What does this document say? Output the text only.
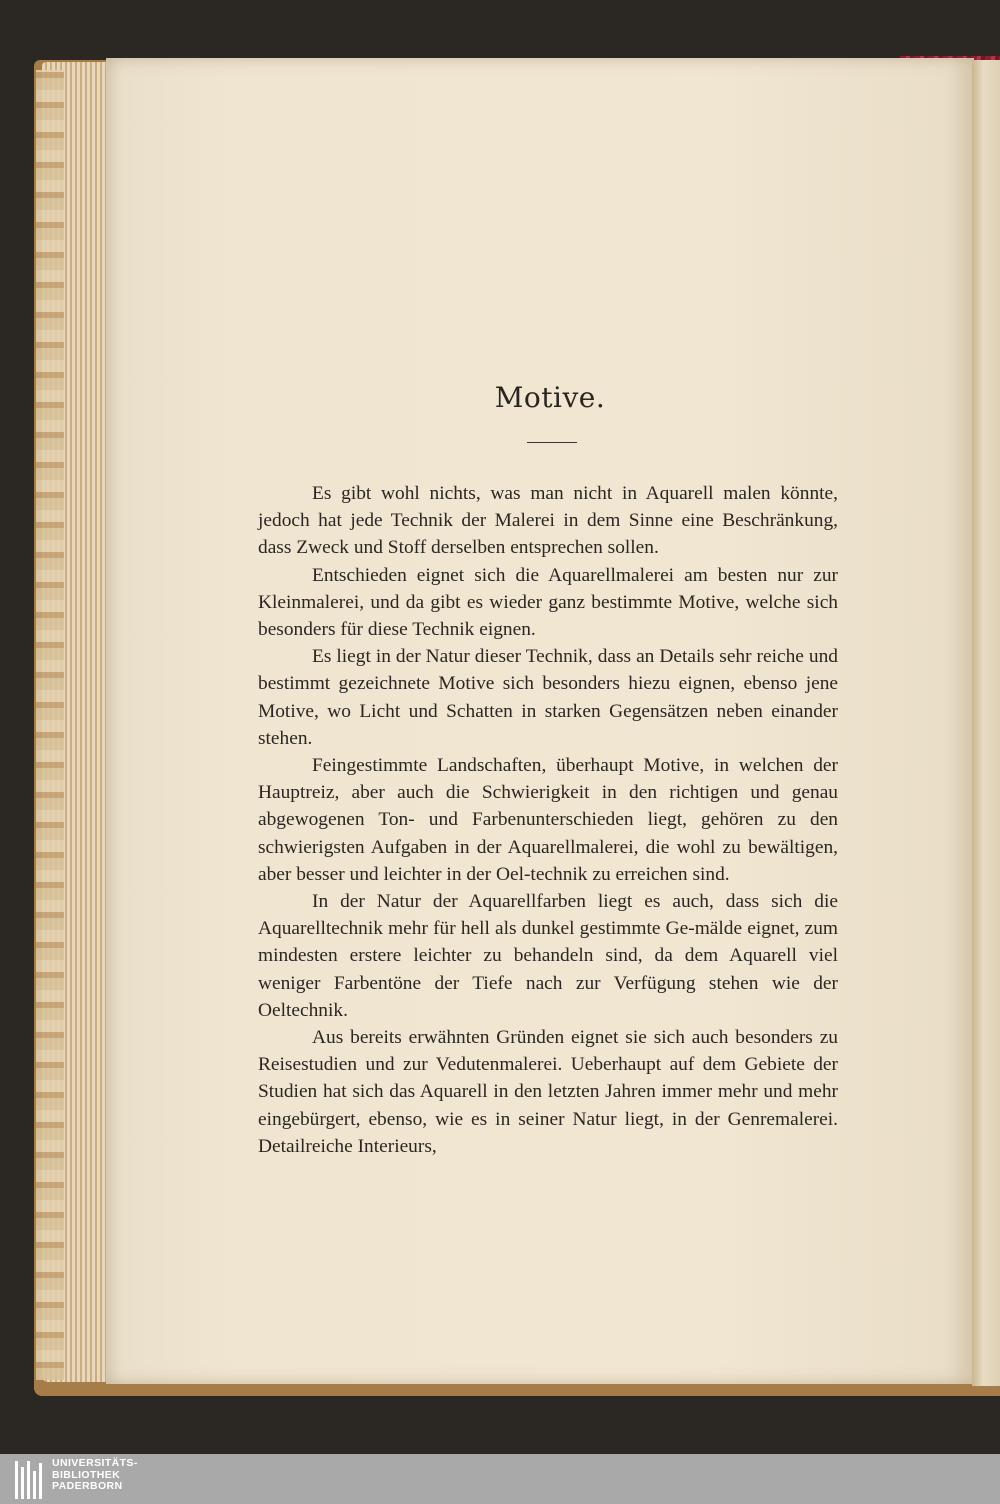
Motive.

Es gibt wohl nichts, was man nicht in Aquarell malen könnte, jedoch hat jede Technik der Malerei in dem Sinne eine Beschränkung, dass Zweck und Stoff derselben entsprechen sollen.

Entschieden eignet sich die Aquarellmalerei am besten nur zur Kleinmalerei, und da gibt es wieder ganz bestimmte Motive, welche sich besonders für diese Technik eignen.

Es liegt in der Natur dieser Technik, dass an Details sehr reiche und bestimmt gezeichnete Motive sich besonders hiezu eignen, ebenso jene Motive, wo Licht und Schatten in starken Gegensätzen neben einander stehen.

Feingestimmte Landschaften, überhaupt Motive, in welchen der Hauptreiz, aber auch die Schwierigkeit in den richtigen und genau abgewogenen Ton- und Farbenunterschieden liegt, gehören zu den schwierigsten Aufgaben in der Aquarellmalerei, die wohl zu bewältigen, aber besser und leichter in der Oel-technik zu erreichen sind.

In der Natur der Aquarellfarben liegt es auch, dass sich die Aquarelltechnik mehr für hell als dunkel gestimmte Ge-mälde eignet, zum mindesten erstere leichter zu behandeln sind, da dem Aquarell viel weniger Farbentöne der Tiefe nach zur Verfügung stehen wie der Oeltechnik.

Aus bereits erwähnten Gründen eignet sie sich auch besonders zu Reisestudien und zur Vedutenmalerei. Ueberhaupt auf dem Gebiete der Studien hat sich das Aquarell in den letzten Jahren immer mehr und mehr eingebürgert, ebenso, wie es in seiner Natur liegt, in der Genremalerei. Detailreiche Interieurs,

UNIVERSITÄTS-
BIBLIOTHEK
PADERBORN
